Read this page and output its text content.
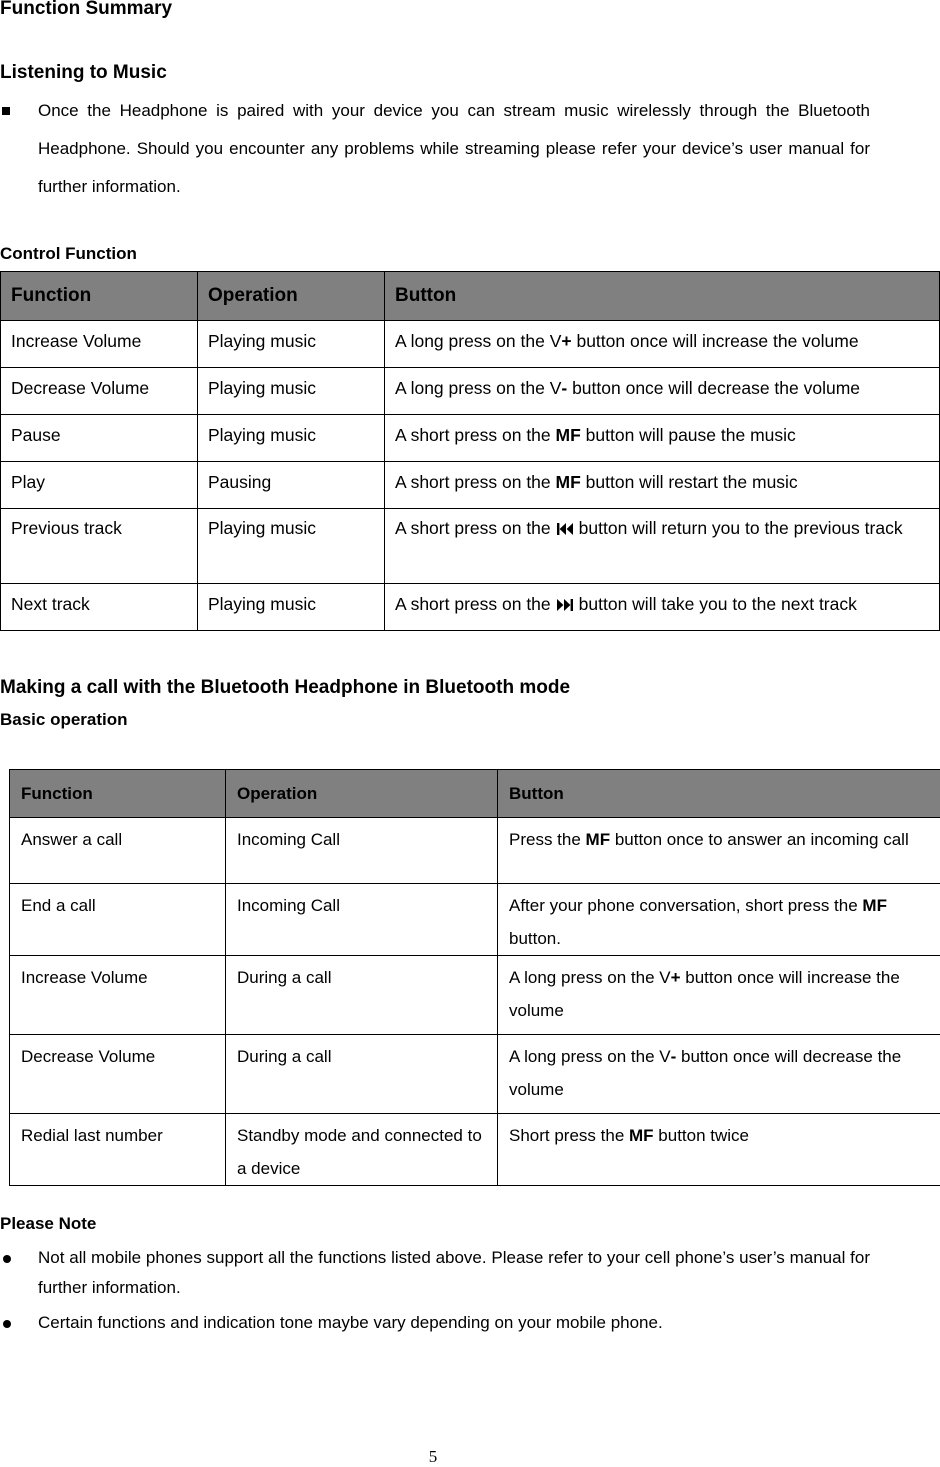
Function Summary
Listening to Music
Once the Headphone is paired with your device you can stream music wirelessly through the Bluetooth Headphone. Should you encounter any problems while streaming please refer your device’s user manual for further information.
Control Function
Function	Operation	Button
Increase Volume	Playing music	A long press on the V+ button once will increase the volume
Decrease Volume	Playing music	A long press on the V- button once will decrease the volume
Pause	Playing music	A short press on the MF button will pause the music
Play	Pausing	A short press on the MF button will restart the music
Previous track	Playing music	A short press on the button will return you to the previous track
Next track	Playing music	A short press on the button will take you to the next track
Making a call with the Bluetooth Headphone in Bluetooth mode
Basic operation
Function	Operation	Button
Answer a call	Incoming Call	Press the MF button once to answer an incoming call
End a call	Incoming Call	After your phone conversation, short press the MF button.
Increase Volume	During a call	A long press on the V+ button once will increase the volume
Decrease Volume	During a call	A long press on the V- button once will decrease the volume
Redial last number	Standby mode and connected to a device	Short press the MF button twice
Please Note
Not all mobile phones support all the functions listed above. Please refer to your cell phone’s user’s manual for further information.
Certain functions and indication tone maybe vary depending on your mobile phone.
5
